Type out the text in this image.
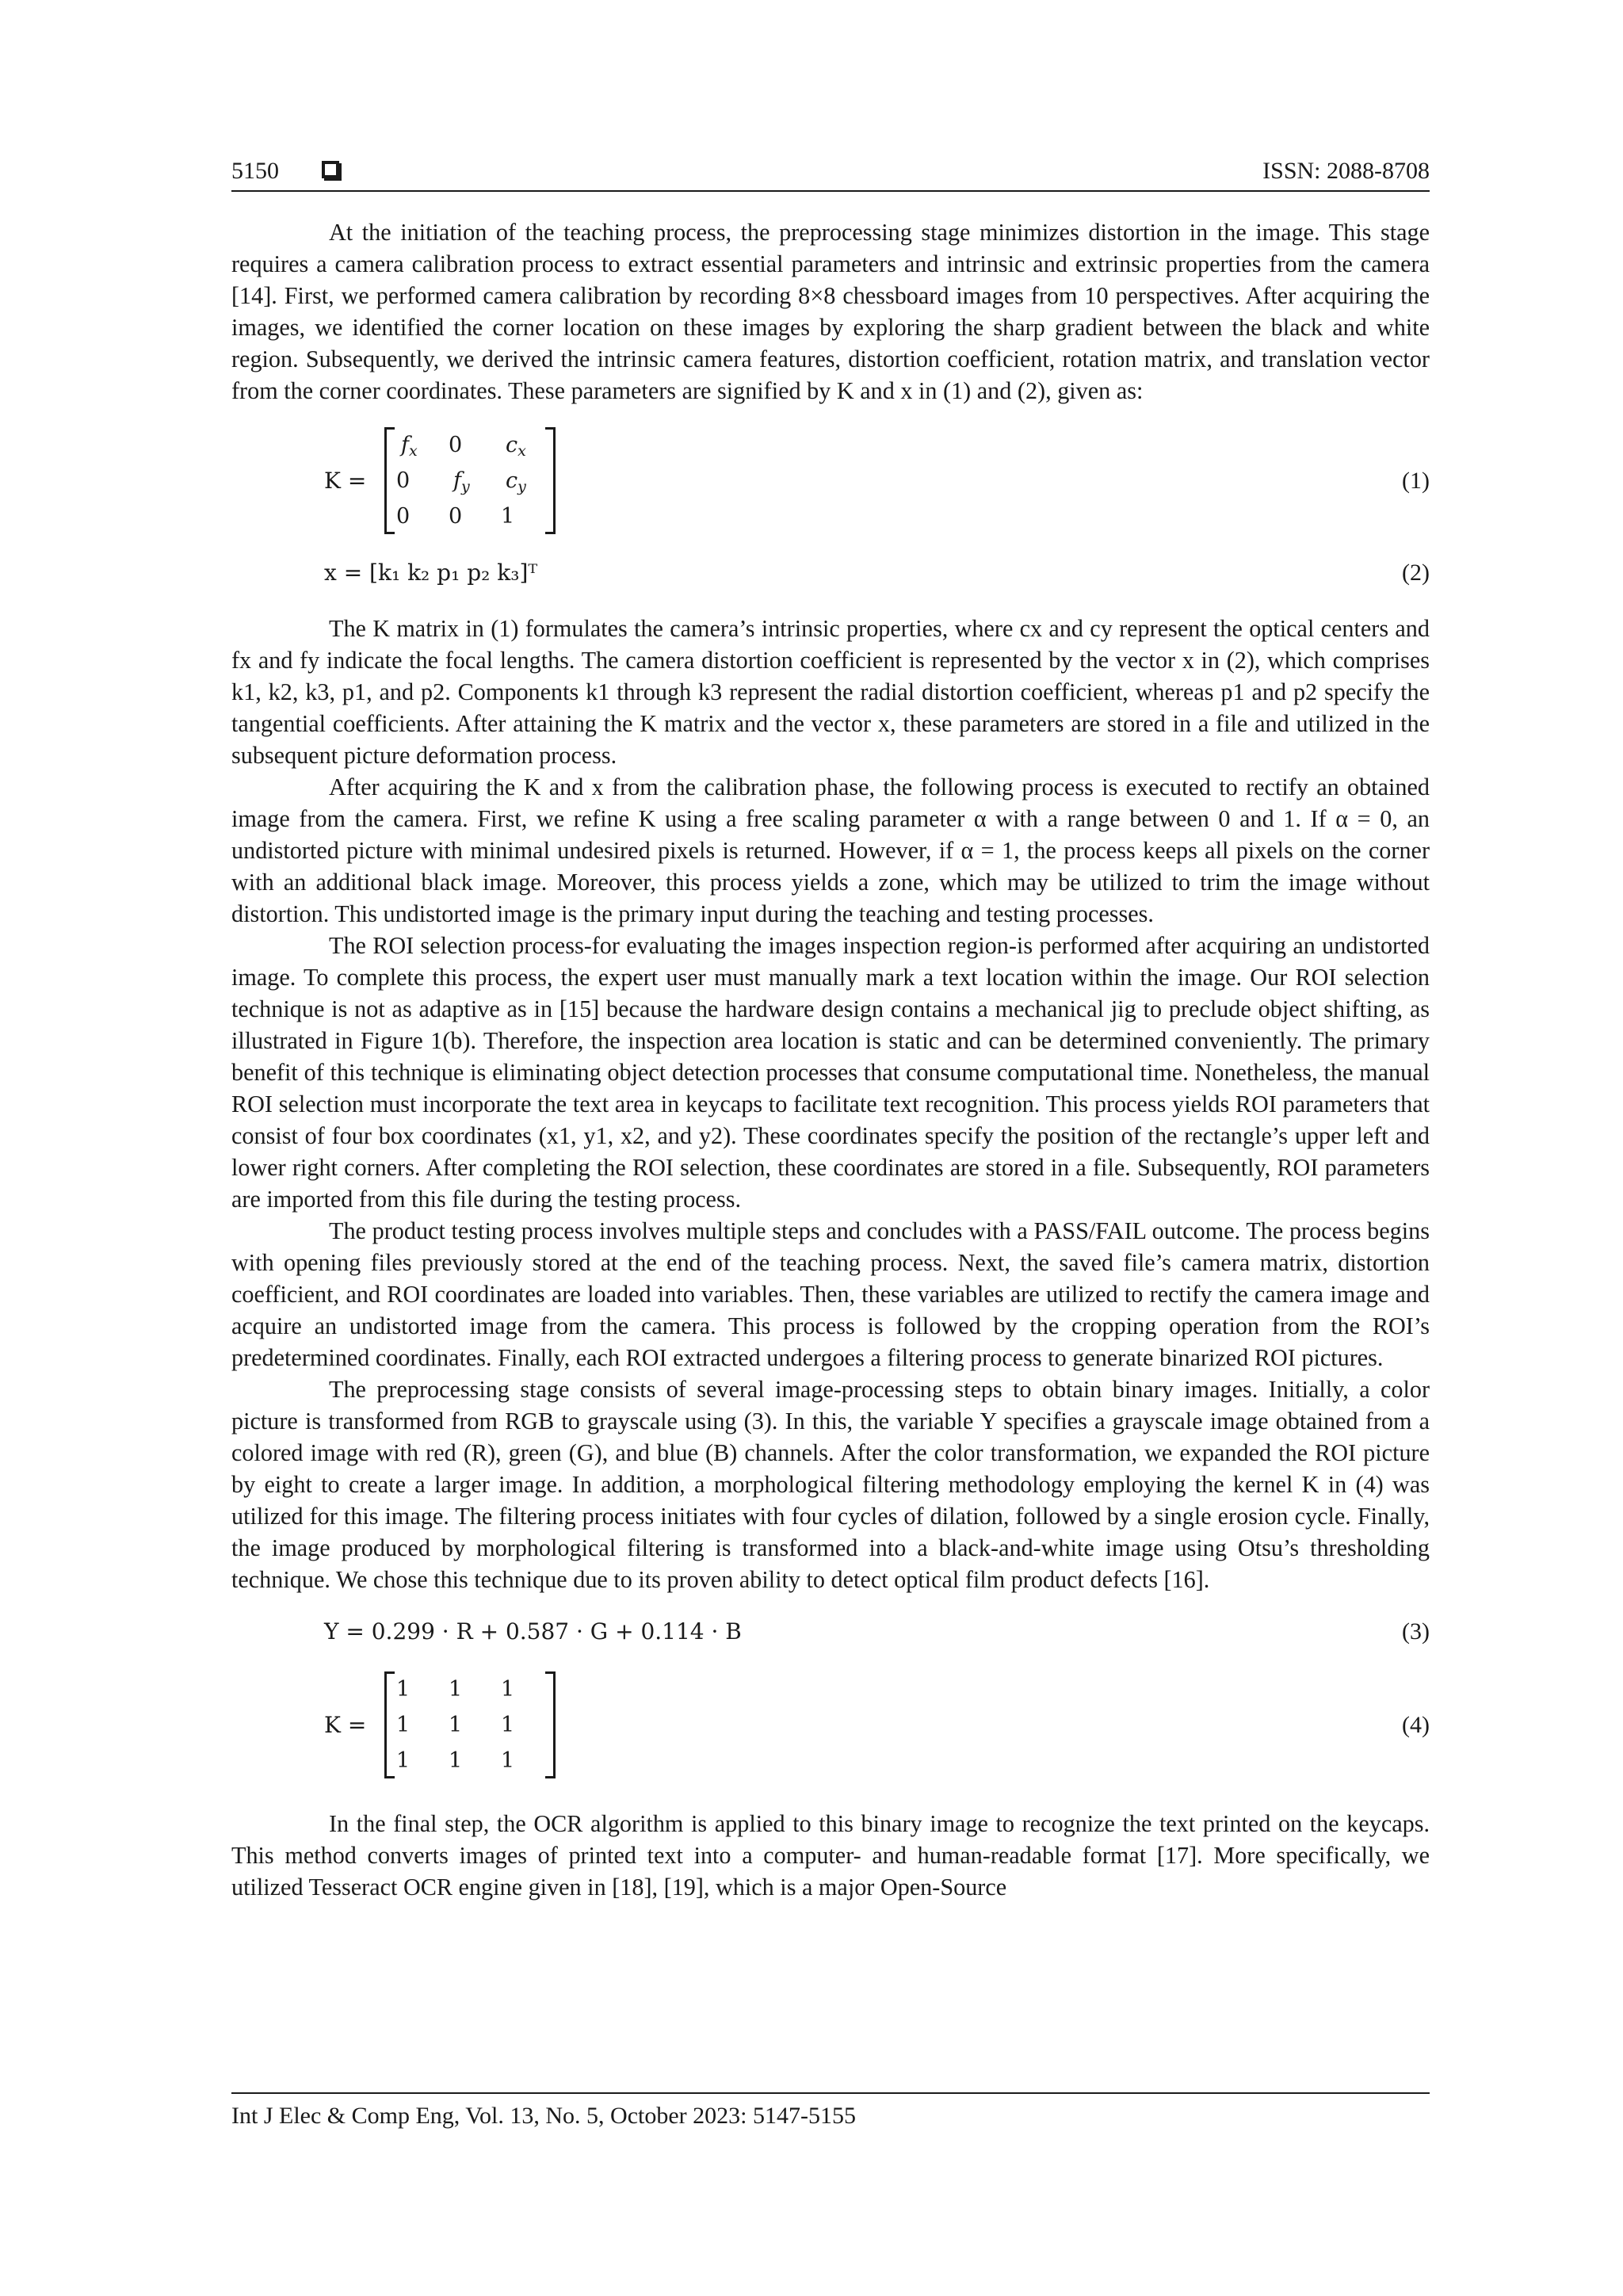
5150	ISSN: 2088-8708

At the initiation of the teaching process, the preprocessing stage minimizes distortion in the image. This stage requires a camera calibration process to extract essential parameters and intrinsic and extrinsic properties from the camera [14]. First, we performed camera calibration by recording 8×8 chessboard images from 10 perspectives. After acquiring the images, we identified the corner location on these images by exploring the sharp gradient between the black and white region. Subsequently, we derived the intrinsic camera features, distortion coefficient, rotation matrix, and translation vector from the corner coordinates. These parameters are signified by K and x in (1) and (2), given as:

K =
$f_x$	0	$c_x$
0	$f_y$	$c_y$
0	0	1
(1)
x = [k₁ k₂ p₁ p₂ k₃]ᵀ	(2)

The K matrix in (1) formulates the camera’s intrinsic properties, where cx and cy represent the optical centers and fx and fy indicate the focal lengths. The camera distortion coefficient is represented by the vector x in (2), which comprises k1, k2, k3, p1, and p2. Components k1 through k3 represent the radial distortion coefficient, whereas p1 and p2 specify the tangential coefficients. After attaining the K matrix and the vector x, these parameters are stored in a file and utilized in the subsequent picture deformation process.

After acquiring the K and x from the calibration phase, the following process is executed to rectify an obtained image from the camera. First, we refine K using a free scaling parameter α with a range between 0 and 1. If α = 0, an undistorted picture with minimal undesired pixels is returned. However, if α = 1, the process keeps all pixels on the corner with an additional black image. Moreover, this process yields a zone, which may be utilized to trim the image without distortion. This undistorted image is the primary input during the teaching and testing processes.

The ROI selection process-for evaluating the images inspection region-is performed after acquiring an undistorted image. To complete this process, the expert user must manually mark a text location within the image. Our ROI selection technique is not as adaptive as in [15] because the hardware design contains a mechanical jig to preclude object shifting, as illustrated in Figure 1(b). Therefore, the inspection area location is static and can be determined conveniently. The primary benefit of this technique is eliminating object detection processes that consume computational time. Nonetheless, the manual ROI selection must incorporate the text area in keycaps to facilitate text recognition. This process yields ROI parameters that consist of four box coordinates (x1, y1, x2, and y2). These coordinates specify the position of the rectangle’s upper left and lower right corners. After completing the ROI selection, these coordinates are stored in a file. Subsequently, ROI parameters are imported from this file during the testing process.

The product testing process involves multiple steps and concludes with a PASS/FAIL outcome. The process begins with opening files previously stored at the end of the teaching process. Next, the saved file’s camera matrix, distortion coefficient, and ROI coordinates are loaded into variables. Then, these variables are utilized to rectify the camera image and acquire an undistorted image from the camera. This process is followed by the cropping operation from the ROI’s predetermined coordinates. Finally, each ROI extracted undergoes a filtering process to generate binarized ROI pictures.

The preprocessing stage consists of several image-processing steps to obtain binary images. Initially, a color picture is transformed from RGB to grayscale using (3). In this, the variable Y specifies a grayscale image obtained from a colored image with red (R), green (G), and blue (B) channels. After the color transformation, we expanded the ROI picture by eight to create a larger image. In addition, a morphological filtering methodology employing the kernel K in (4) was utilized for this image. The filtering process initiates with four cycles of dilation, followed by a single erosion cycle. Finally, the image produced by morphological filtering is transformed into a black-and-white image using Otsu’s thresholding technique. We chose this technique due to its proven ability to detect optical film product defects [16].

Y = 0.299 · R + 0.587 · G + 0.114 · B	(3)
K =
1	1	1
1	1	1
1	1	1
(4)

In the final step, the OCR algorithm is applied to this binary image to recognize the text printed on the keycaps. This method converts images of printed text into a computer- and human-readable format [17]. More specifically, we utilized Tesseract OCR engine given in [18], [19], which is a major Open-Source

Int J Elec & Comp Eng, Vol. 13, No. 5, October 2023: 5147-5155
